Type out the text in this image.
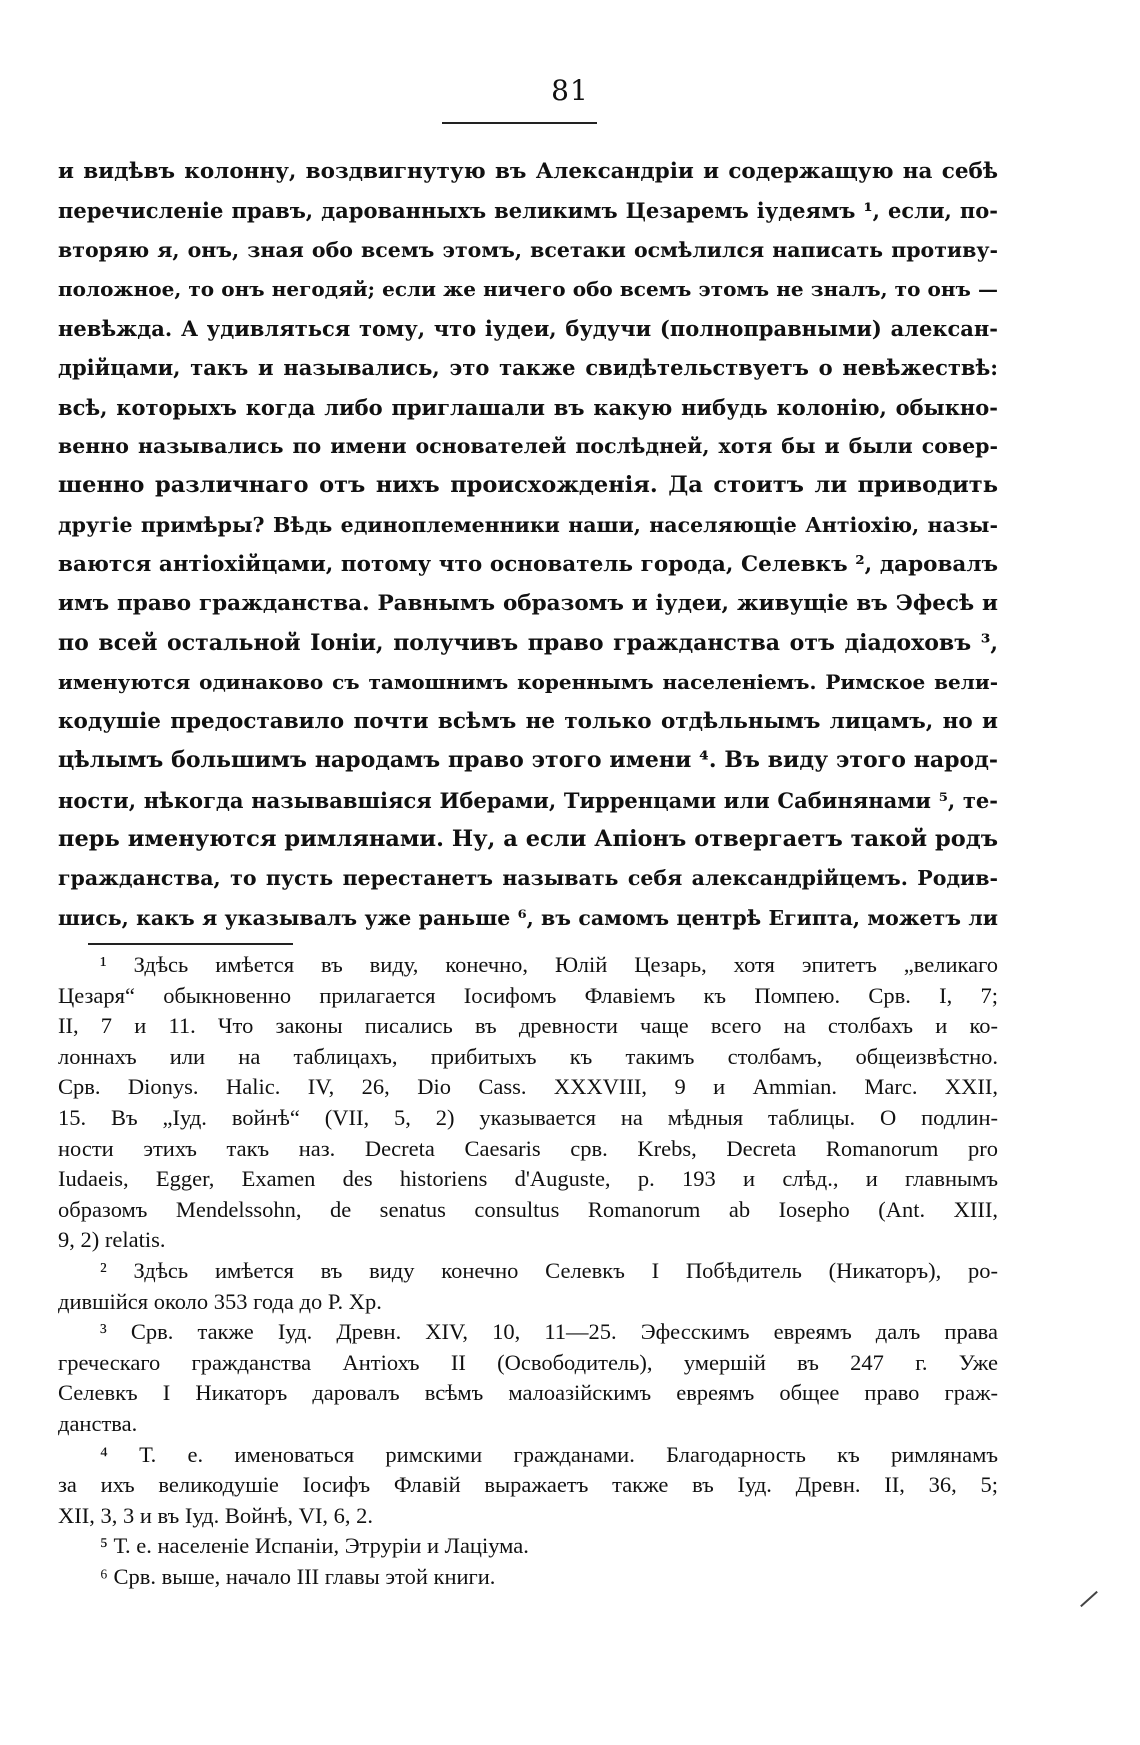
81
и видѣвъ колонну, воздвигнутую въ Александріи и содержащую на себѣ
перечисленіе правъ, дарованныхъ великимъ Цезаремъ іудеямъ ¹, если, по-
вторяю я, онъ, зная обо всемъ этомъ, всетаки осмѣлился написать противу-
положное, то онъ негодяй; если же ничего обо всемъ этомъ не зналъ, то онъ —
невѣжда. А удивляться тому, что іудеи, будучи (полноправными) алексан-
дрійцами, такъ и назывались, это также свидѣтельствуетъ о невѣжествѣ:
всѣ, которыхъ когда либо приглашали въ какую нибудь колонію, обыкно-
венно назывались по имени основателей послѣдней, хотя бы и были совер-
шенно различнаго отъ нихъ происхожденія. Да стоитъ ли приводить
другіе примѣры? Вѣдь единоплеменники наши, населяющіе Антіохію, назы-
ваются антіохійцами, потому что основатель города, Селевкъ ², даровалъ
имъ право гражданства. Равнымъ образомъ и іудеи, живущіе въ Эфесѣ и
по всей остальной Іоніи, получивъ право гражданства отъ діадоховъ ³,
именуются одинаково съ тамошнимъ кореннымъ населеніемъ. Римское вели-
кодушіе предоставило почти всѣмъ не только отдѣльнымъ лицамъ, но и
цѣлымъ большимъ народамъ право этого имени ⁴. Въ виду этого народ-
ности, нѣкогда называвшіяся Иберами, Тирренцами или Сабинянами ⁵, те-
перь именуются римлянами. Ну, а если Апіонъ отвергаетъ такой родъ
гражданства, то пусть перестанетъ называть себя александрійцемъ. Родив-
шись, какъ я указывалъ уже раньше ⁶, въ самомъ центрѣ Египта, можетъ ли
¹ Здѣсь имѣется въ виду, конечно, Юлій Цезарь, хотя эпитетъ „великаго
Цезаря“ обыкновенно прилагается Іосифомъ Флавіемъ къ Помпею. Срв. I, 7;
II, 7 и 11. Что законы писались въ древности чаще всего на столбахъ и ко-
лоннахъ или на таблицахъ, прибитыхъ къ такимъ столбамъ, общеизвѣстно.
Срв. Dionys. Halic. IV, 26, Dio Cass. XXXVIII, 9 и Ammian. Marc. XXII,
15. Въ „Іуд. войнѣ“ (VII, 5, 2) указывается на мѣдныя таблицы. О подлин-
ности этихъ такъ наз. Decreta Caesaris срв. Krebs, Decreta Romanorum pro
Iudaeis, Egger, Examen des historiens d'Auguste, p. 193 и слѣд., и главнымъ
образомъ Mendelssohn, de senatus consultus Romanorum ab Iosepho (Ant. XIII,
9, 2) relatis.
² Здѣсь имѣется въ виду конечно Селевкъ I Побѣдитель (Никаторъ), ро-
дившійся около 353 года до Р. Хр.
³ Срв. также Іуд. Древн. XIV, 10, 11—25. Эфесскимъ евреямъ далъ права
греческаго гражданства Антіохъ II (Освободитель), умершій въ 247 г. Уже
Селевкъ I Никаторъ даровалъ всѣмъ малоазійскимъ евреямъ общее право граж-
данства.
⁴ Т. е. именоваться римскими гражданами. Благодарность къ римлянамъ
за ихъ великодушіе Іосифъ Флавій выражаетъ также въ Іуд. Древн. II, 36, 5;
XII, 3, 3 и въ Іуд. Войнѣ, VI, 6, 2.
⁵ Т. е. населеніе Испаніи, Этруріи и Лаціума.
⁶ Срв. выше, начало III главы этой книги.
